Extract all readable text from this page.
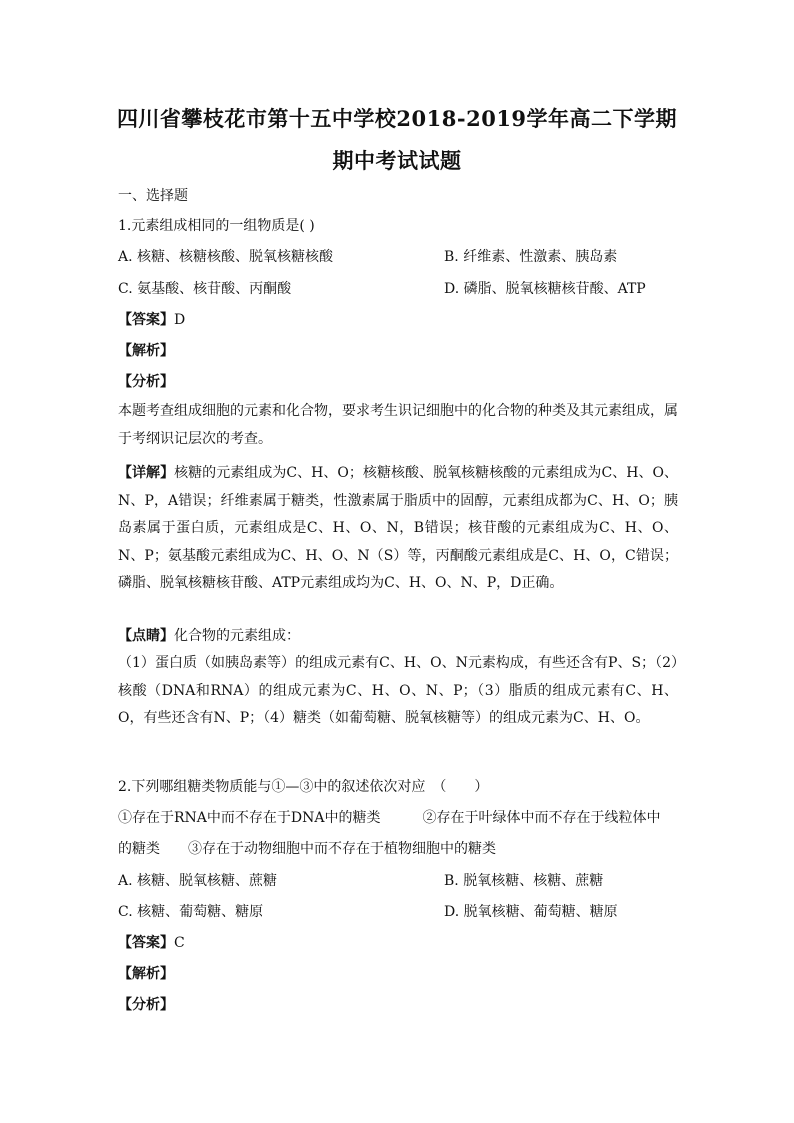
四川省攀枝花市第十五中学校2018-2019学年高二下学期
期中考试试题
一、选择题
1.元素组成相同的一组物质是( )
A. 核糖、核糖核酸、脱氧核糖核酸	B. 纤维素、性激素、胰岛素
C. 氨基酸、核苷酸、丙酮酸	D. 磷脂、脱氧核糖核苷酸、ATP
【答案】D
【解析】
【分析】
本题考查组成细胞的元素和化合物，要求考生识记细胞中的化合物的种类及其元素组成，属于考纲识记层次的考查。
【详解】核糖的元素组成为C、H、O；核糖核酸、脱氧核糖核酸的元素组成为C、H、O、N、P，A错误；纤维素属于糖类，性激素属于脂质中的固醇，元素组成都为C、H、O；胰岛素属于蛋白质，元素组成是C、H、O、N，B错误；核苷酸的元素组成为C、H、O、N、P；氨基酸元素组成为C、H、O、N（S）等，丙酮酸元素组成是C、H、O，C错误；磷脂、脱氧核糖核苷酸、ATP元素组成均为C、H、O、N、P，D正确。
【点睛】化合物的元素组成：
（1）蛋白质（如胰岛素等）的组成元素有C、H、O、N元素构成，有些还含有P、S；（2）核酸（DNA和RNA）的组成元素为C、H、O、N、P；（3）脂质的组成元素有C、H、O，有些还含有N、P；（4）糖类（如葡萄糖、脱氧核糖等）的组成元素为C、H、O。
2.下列哪组糖类物质能与①—③中的叙述依次对应　（　　）
①存在于RNA中而不存在于DNA中的糖类　　　②存在于叶绿体中而不存在于线粒体中
的糖类　　③存在于动物细胞中而不存在于植物细胞中的糖类
A. 核糖、脱氧核糖、蔗糖	B. 脱氧核糖、核糖、蔗糖
C. 核糖、葡萄糖、糖原	D. 脱氧核糖、葡萄糖、糖原
【答案】C
【解析】
【分析】
